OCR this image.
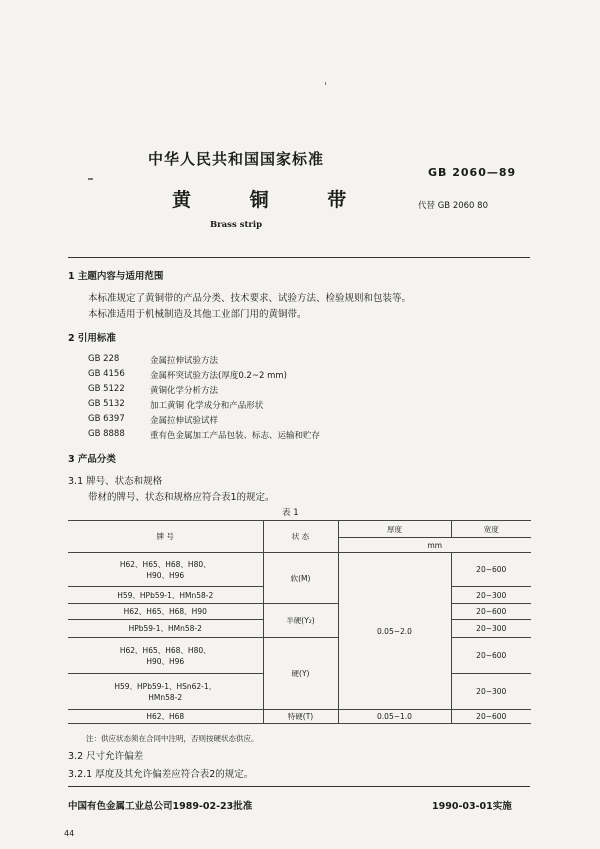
中华人民共和国国家标准
GB 2060—89
黄 铜 带	代替 GB 2060 80
Brass strip
1 主题内容与适用范围
本标准规定了黄铜带的产品分类、技术要求、试验方法、检验规则和包装等。
本标准适用于机械制造及其他工业部门用的黄铜带。
2 引用标准
GB 228	金属拉伸试验方法
GB 4156	金属杯突试验方法(厚度0.2~2 mm)
GB 5122	黄铜化学分析方法
GB 5132	加工黄铜 化学成分和产品形状
GB 6397	金属拉伸试验试样
GB 8888	重有色金属加工产品包装、标志、运输和贮存
3 产品分类
3.1 牌号、状态和规格
带材的牌号、状态和规格应符合表1的规定。
表 1
牌 号	状 态	厚度	宽度
		mm	

H62、H65、H68、H80、
H90、H96	软(M)	0.05~2.0	20~600

H59、HPb59-1、HMn58-2			20~300

H62、H65、H68、H90	半硬(Y₂)		20~600

HPb59-1、HMn58-2			20~300

H62、H65、H68、H80、
H90、H96	硬(Y)		20~600

H59、HPb59-1、HSn62-1、
HMn58-2			20~300

H62、H68	特硬(T)	0.05~1.0	20~600
注：供应状态须在合同中注明，否则按硬状态供应。
3.2 尺寸允许偏差
3.2.1 厚度及其允许偏差应符合表2的规定。
中国有色金属工业总公司1989-02-23批准	1990-03-01实施
44
